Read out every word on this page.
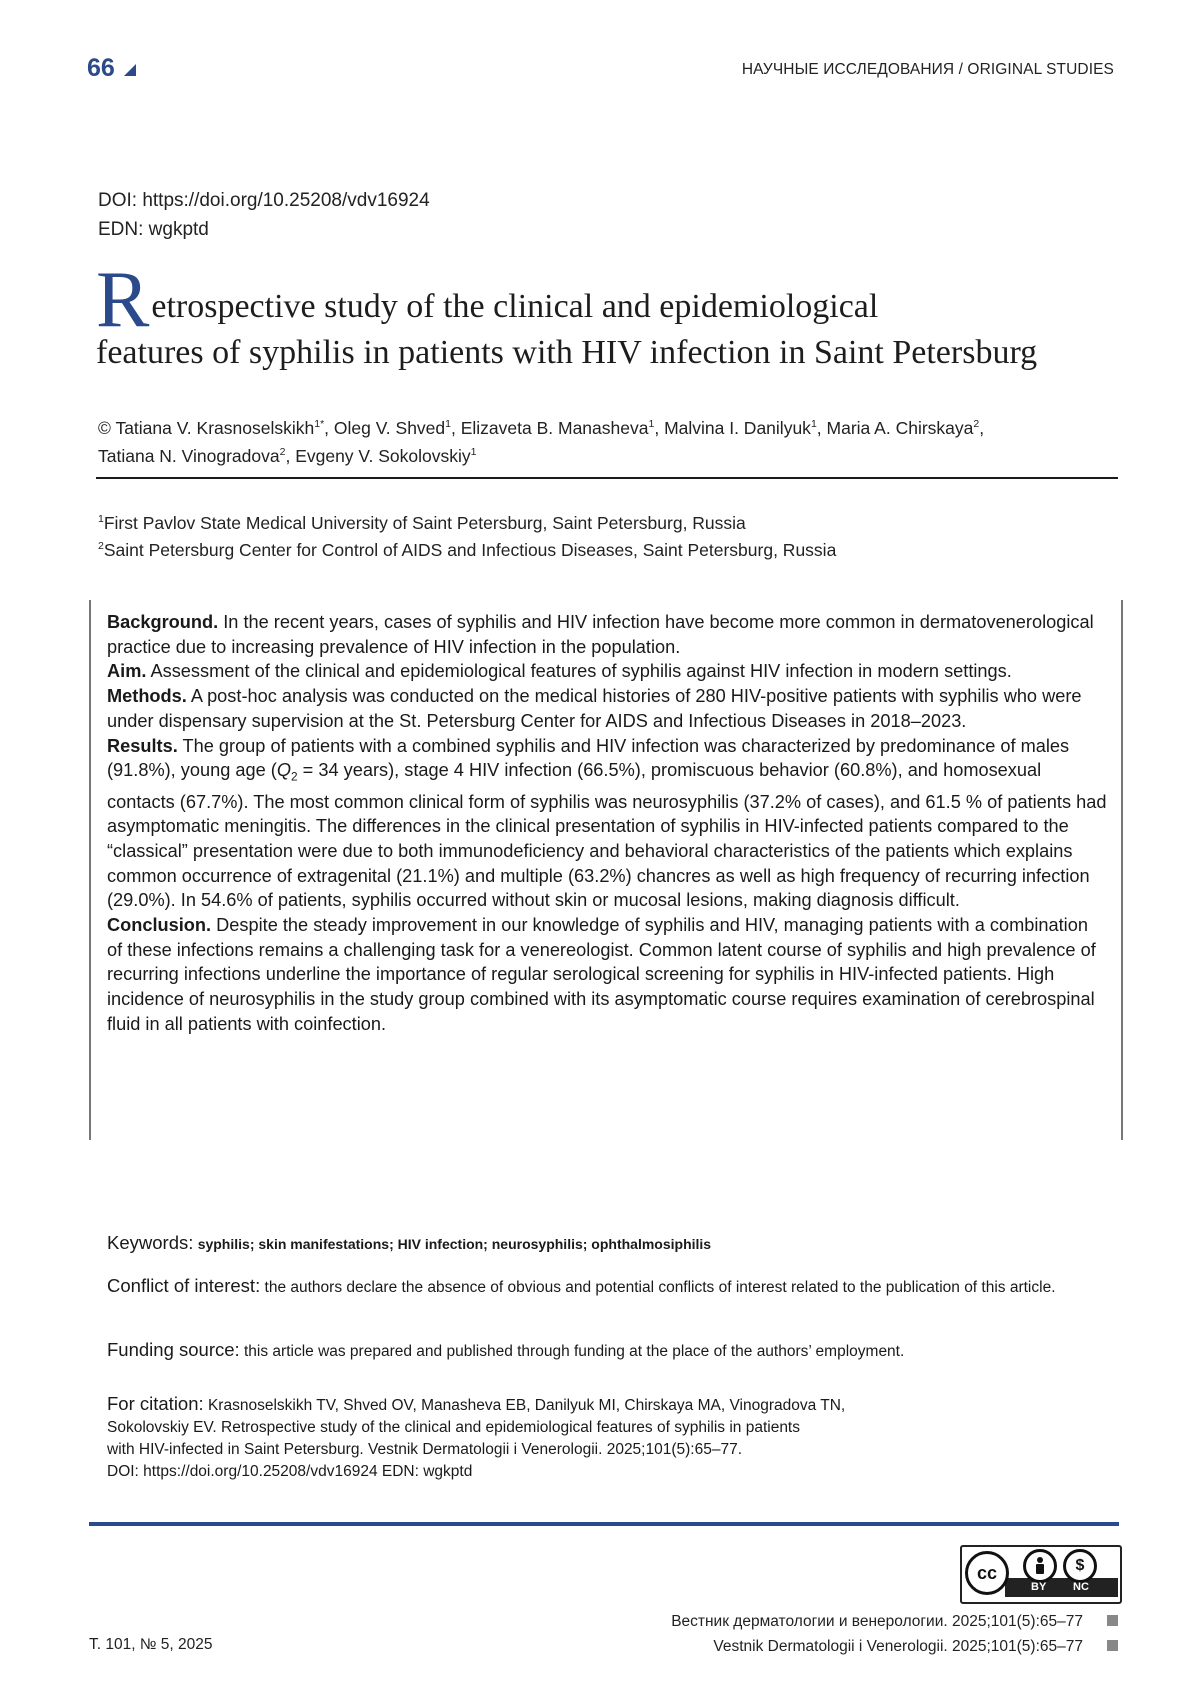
66	НАУЧНЫЕ ИССЛЕДОВАНИЯ / ORIGINAL STUDIES
DOI: https://doi.org/10.25208/vdv16924
EDN: wgkptd
R etrospective study of the clinical and epidemiological
features of syphilis in patients with HIV infection in Saint Petersburg
© Tatiana V. Krasnoselskikh$^{1*}$, Oleg V. Shved$^1$, Elizaveta B. Manasheva$^1$, Malvina I. Danilyuk$^1$, Maria A. Chirskaya$^2$,
Tatiana N. Vinogradova$^2$, Evgeny V. Sokolovskiy$^1$
$^1$First Pavlov State Medical University of Saint Petersburg, Saint Petersburg, Russia
$^2$Saint Petersburg Center for Control of AIDS and Infectious Diseases, Saint Petersburg, Russia

Background. In the recent years, cases of syphilis and HIV infection have become more common in dermatovenerological practice due to increasing prevalence of HIV infection in the population.

Aim. Assessment of the clinical and epidemiological features of syphilis against HIV infection in modern settings.

Methods. A post-hoc analysis was conducted on the medical histories of 280 HIV-positive patients with syphilis who were under dispensary supervision at the St. Petersburg Center for AIDS and Infectious Diseases in 2018–2023.

Results. The group of patients with a combined syphilis and HIV infection was characterized by predominance of males (91.8%), young age ($Q_2 = 34$ years), stage 4 HIV infection (66.5%), promiscuous behavior (60.8%), and homosexual contacts (67.7%). The most common clinical form of syphilis was neurosyphilis (37.2% of cases), and 61.5 % of patients had asymptomatic meningitis. The differences in the clinical presentation of syphilis in HIV-infected patients compared to the “classical” presentation were due to both immunodeficiency and behavioral characteristics of the patients which explains common occurrence of extragenital (21.1%) and multiple (63.2%) chancres as well as high frequency of recurring infection (29.0%). In 54.6% of patients, syphilis occurred without skin or mucosal lesions, making diagnosis difficult.

Conclusion. Despite the steady improvement in our knowledge of syphilis and HIV, managing patients with a combination of these infections remains a challenging task for a venereologist. Common latent course of syphilis and high prevalence of recurring infections underline the importance of regular serological screening for syphilis in HIV-infected patients. High incidence of neurosyphilis in the study group combined with its asymptomatic course requires examination of cerebrospinal fluid in all patients with coinfection.

Keywords: syphilis; skin manifestations; HIV infection; neurosyphilis; ophthalmosiphilis
Conflict of interest: the authors declare the absence of obvious and potential conflicts of interest related to the publication of this article.
Funding source: this article was prepared and published through funding at the place of the authors’ employment.
For citation: Krasnoselskikh TV, Shved OV, Manasheva EB, Danilyuk MI, Chirskaya MA, Vinogradova TN,
Sokolovskiy EV. Retrospective study of the clinical and epidemiological features of syphilis in patients
with HIV-infected in Saint Petersburg. Vestnik Dermatologii i Venerologii. 2025;101(5):65–77.
DOI: https://doi.org/10.25208/vdv16924 EDN: wgkptd
cc	$
BY NC
Т. 101, № 5, 2025
Вестник дерматологии и венерологии. 2025;101(5):65–77
Vestnik Dermatologii i Venerologii. 2025;101(5):65–77
